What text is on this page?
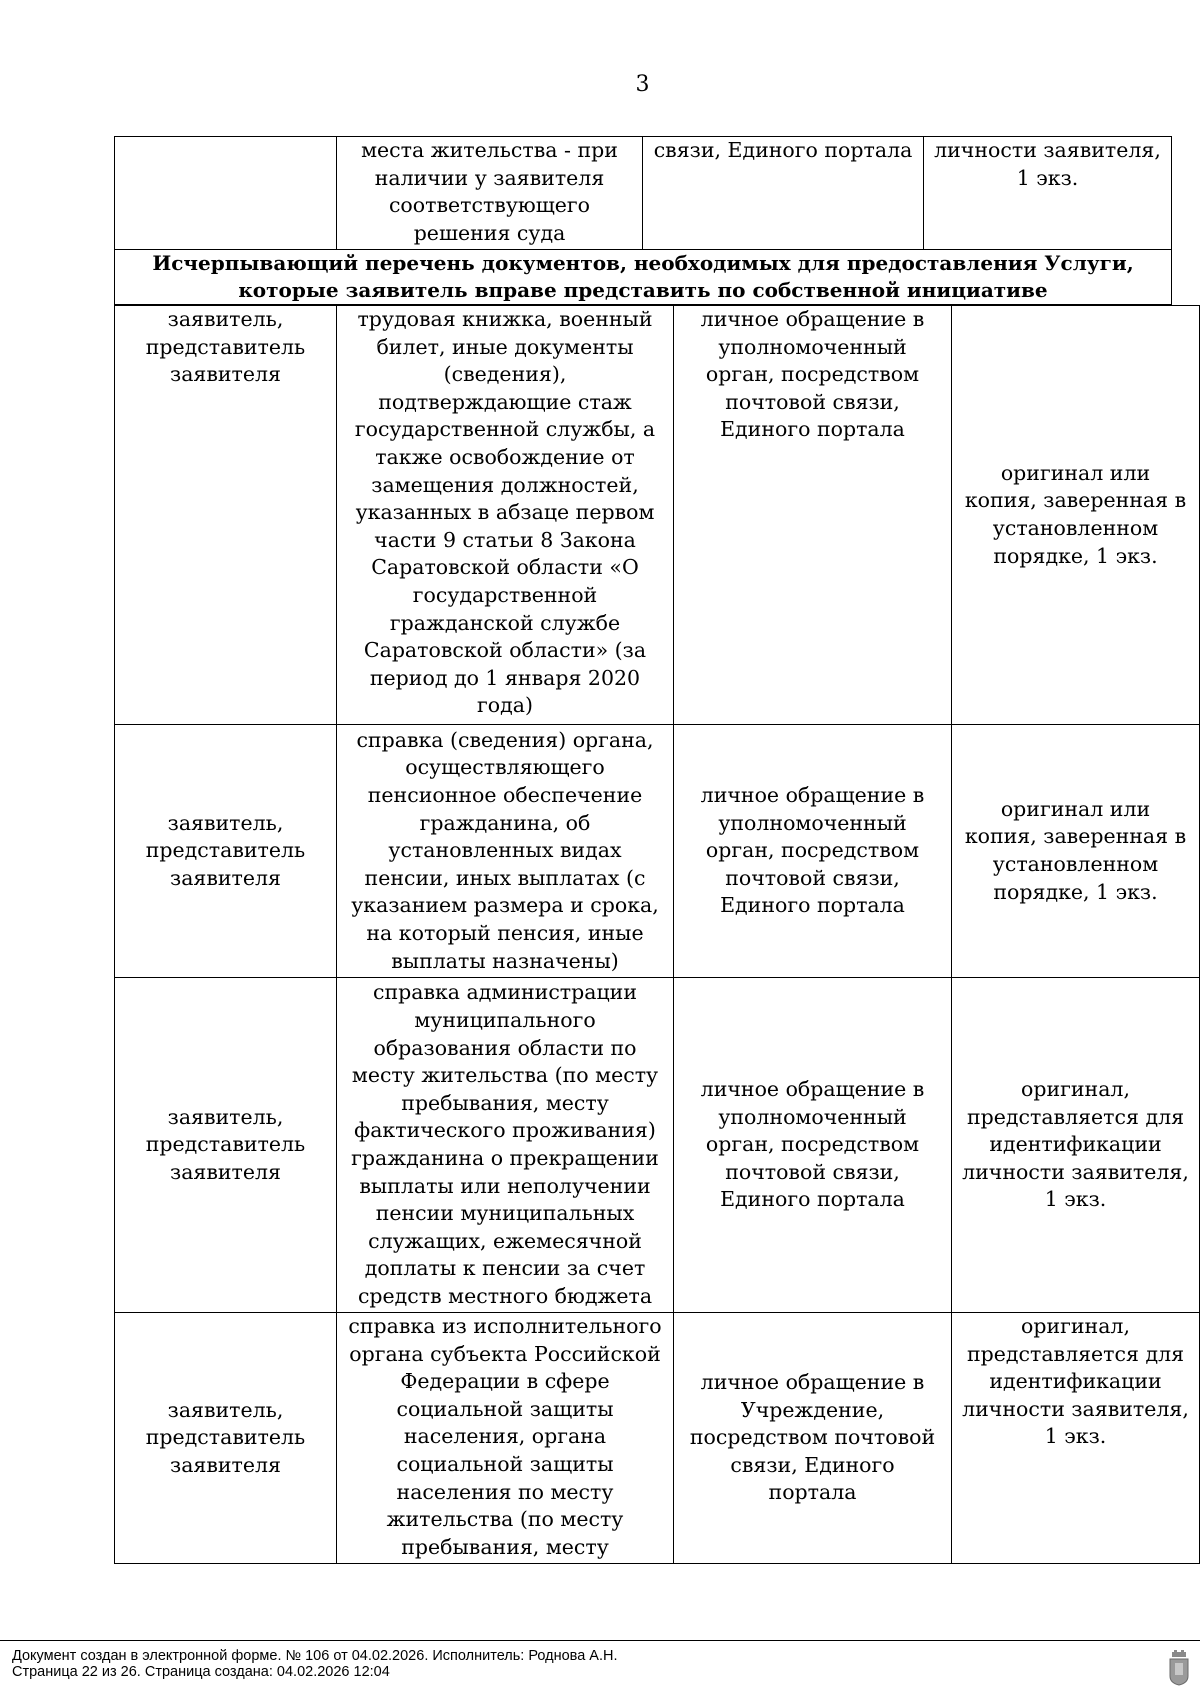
3
	места жительства - при наличии у заявителя соответствующего решения суда	связи, Единого портала	личности заявителя, 1 экз.

Исчерпывающий перечень документов, необходимых для предоставления Услуги,
которые заявитель вправе представить по собственной инициативе
заявитель, представитель заявителя	трудовая книжка, военный билет, иные документы (сведения), подтверждающие стаж государственной службы, а также освобождение от замещения должностей, указанных в абзаце первом части 9 статьи 8 Закона Саратовской области «О государственной гражданской службе Саратовской области» (за период до 1 января 2020 года)	личное обращение в уполномоченный орган, посредством почтовой связи, Единого портала	оригинал или копия, заверенная в установленном порядке, 1 экз.
заявитель, представитель заявителя	справка (сведения) органа, осуществляющего пенсионное обеспечение гражданина, об установленных видах пенсии, иных выплатах (с указанием размера и срока, на который пенсия, иные выплаты назначены)	личное обращение в уполномоченный орган, посредством почтовой связи, Единого портала	оригинал или копия, заверенная в установленном порядке, 1 экз.
заявитель, представитель заявителя	справка администрации муниципального образования области по месту жительства (по месту пребывания, месту фактического проживания) гражданина о прекращении выплаты или неполучении пенсии муниципальных служащих, ежемесячной доплаты к пенсии за счет средств местного бюджета	личное обращение в уполномоченный орган, посредством почтовой связи, Единого портала	оригинал, представляется для идентификации личности заявителя, 1 экз.
заявитель, представитель заявителя	справка из исполнительного органа субъекта Российской Федерации в сфере социальной защиты населения, органа социальной защиты населения по месту жительства (по месту пребывания, месту	личное обращение в Учреждение, посредством почтовой связи, Единого портала	оригинал, представляется для идентификации личности заявителя, 1 экз.
Документ создан в электронной форме. № 106 от 04.02.2026. Исполнитель: Роднова А.Н.
Страница 22 из 26. Страница создана: 04.02.2026 12:04
